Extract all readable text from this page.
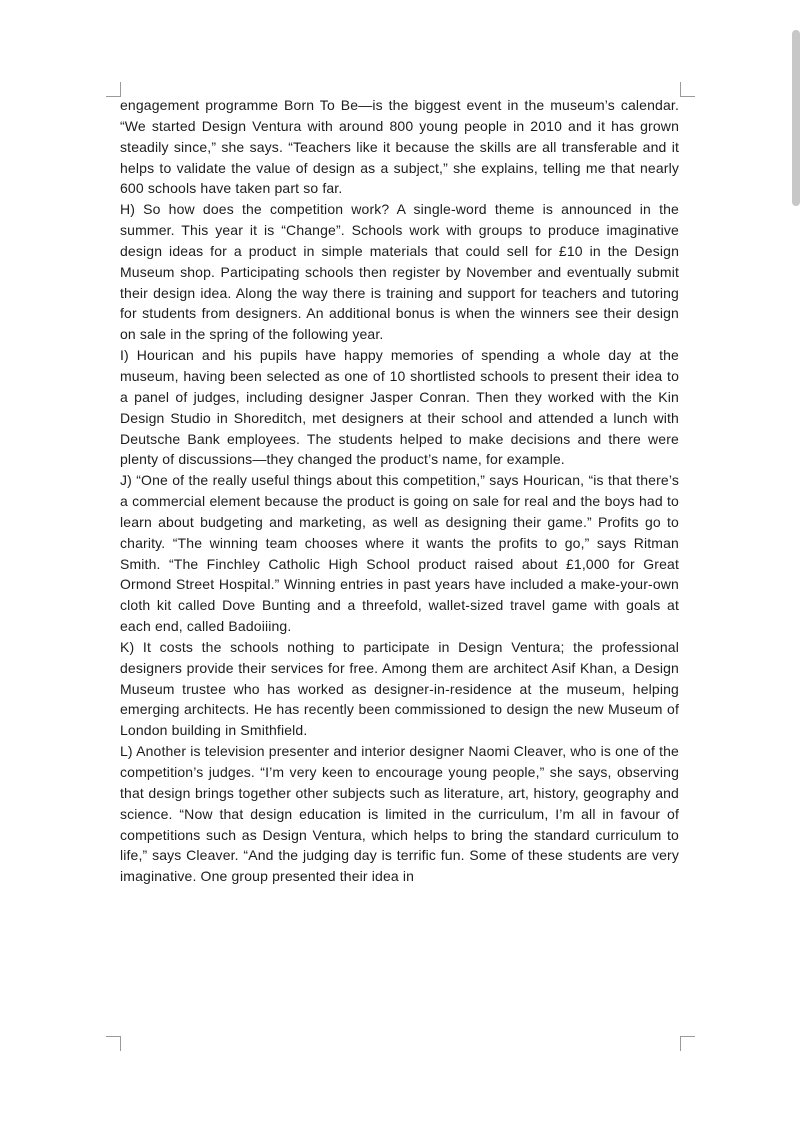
engagement programme Born To Be—is the biggest event in the museum’s calendar. “We started Design Ventura with around 800 young people in 2010 and it has grown steadily since,” she says. “Teachers like it because the skills are all transferable and it helps to validate the value of design as a subject,” she explains, telling me that nearly 600 schools have taken part so far.

H) So how does the competition work? A single-word theme is announced in the summer. This year it is “Change”. Schools work with groups to produce imaginative design ideas for a product in simple materials that could sell for £10 in the Design Museum shop. Participating schools then register by November and eventually submit their design idea. Along the way there is training and support for teachers and tutoring for students from designers. An additional bonus is when the winners see their design on sale in the spring of the following year.

I) Hourican and his pupils have happy memories of spending a whole day at the museum, having been selected as one of 10 shortlisted schools to present their idea to a panel of judges, including designer Jasper Conran. Then they worked with the Kin Design Studio in Shoreditch, met designers at their school and attended a lunch with Deutsche Bank employees. The students helped to make decisions and there were plenty of discussions—they changed the product’s name, for example.

J) “One of the really useful things about this competition,” says Hourican, “is that there’s a commercial element because the product is going on sale for real and the boys had to learn about budgeting and marketing, as well as designing their game.” Profits go to charity. “The winning team chooses where it wants the profits to go,” says Ritman Smith. “The Finchley Catholic High School product raised about £1,000 for Great Ormond Street Hospital.” Winning entries in past years have included a make-your-own cloth kit called Dove Bunting and a threefold, wallet-sized travel game with goals at each end, called Badoiiing.

K) It costs the schools nothing to participate in Design Ventura; the professional designers provide their services for free. Among them are architect Asif Khan, a Design Museum trustee who has worked as designer-in-residence at the museum, helping emerging architects. He has recently been commissioned to design the new Museum of London building in Smithfield.

L) Another is television presenter and interior designer Naomi Cleaver, who is one of the competition’s judges. “I’m very keen to encourage young people,” she says, observing that design brings together other subjects such as literature, art, history, geography and science. “Now that design education is limited in the curriculum, I’m all in favour of competitions such as Design Ventura, which helps to bring the standard curriculum to life,” says Cleaver. “And the judging day is terrific fun. Some of these students are very imaginative. One group presented their idea in
